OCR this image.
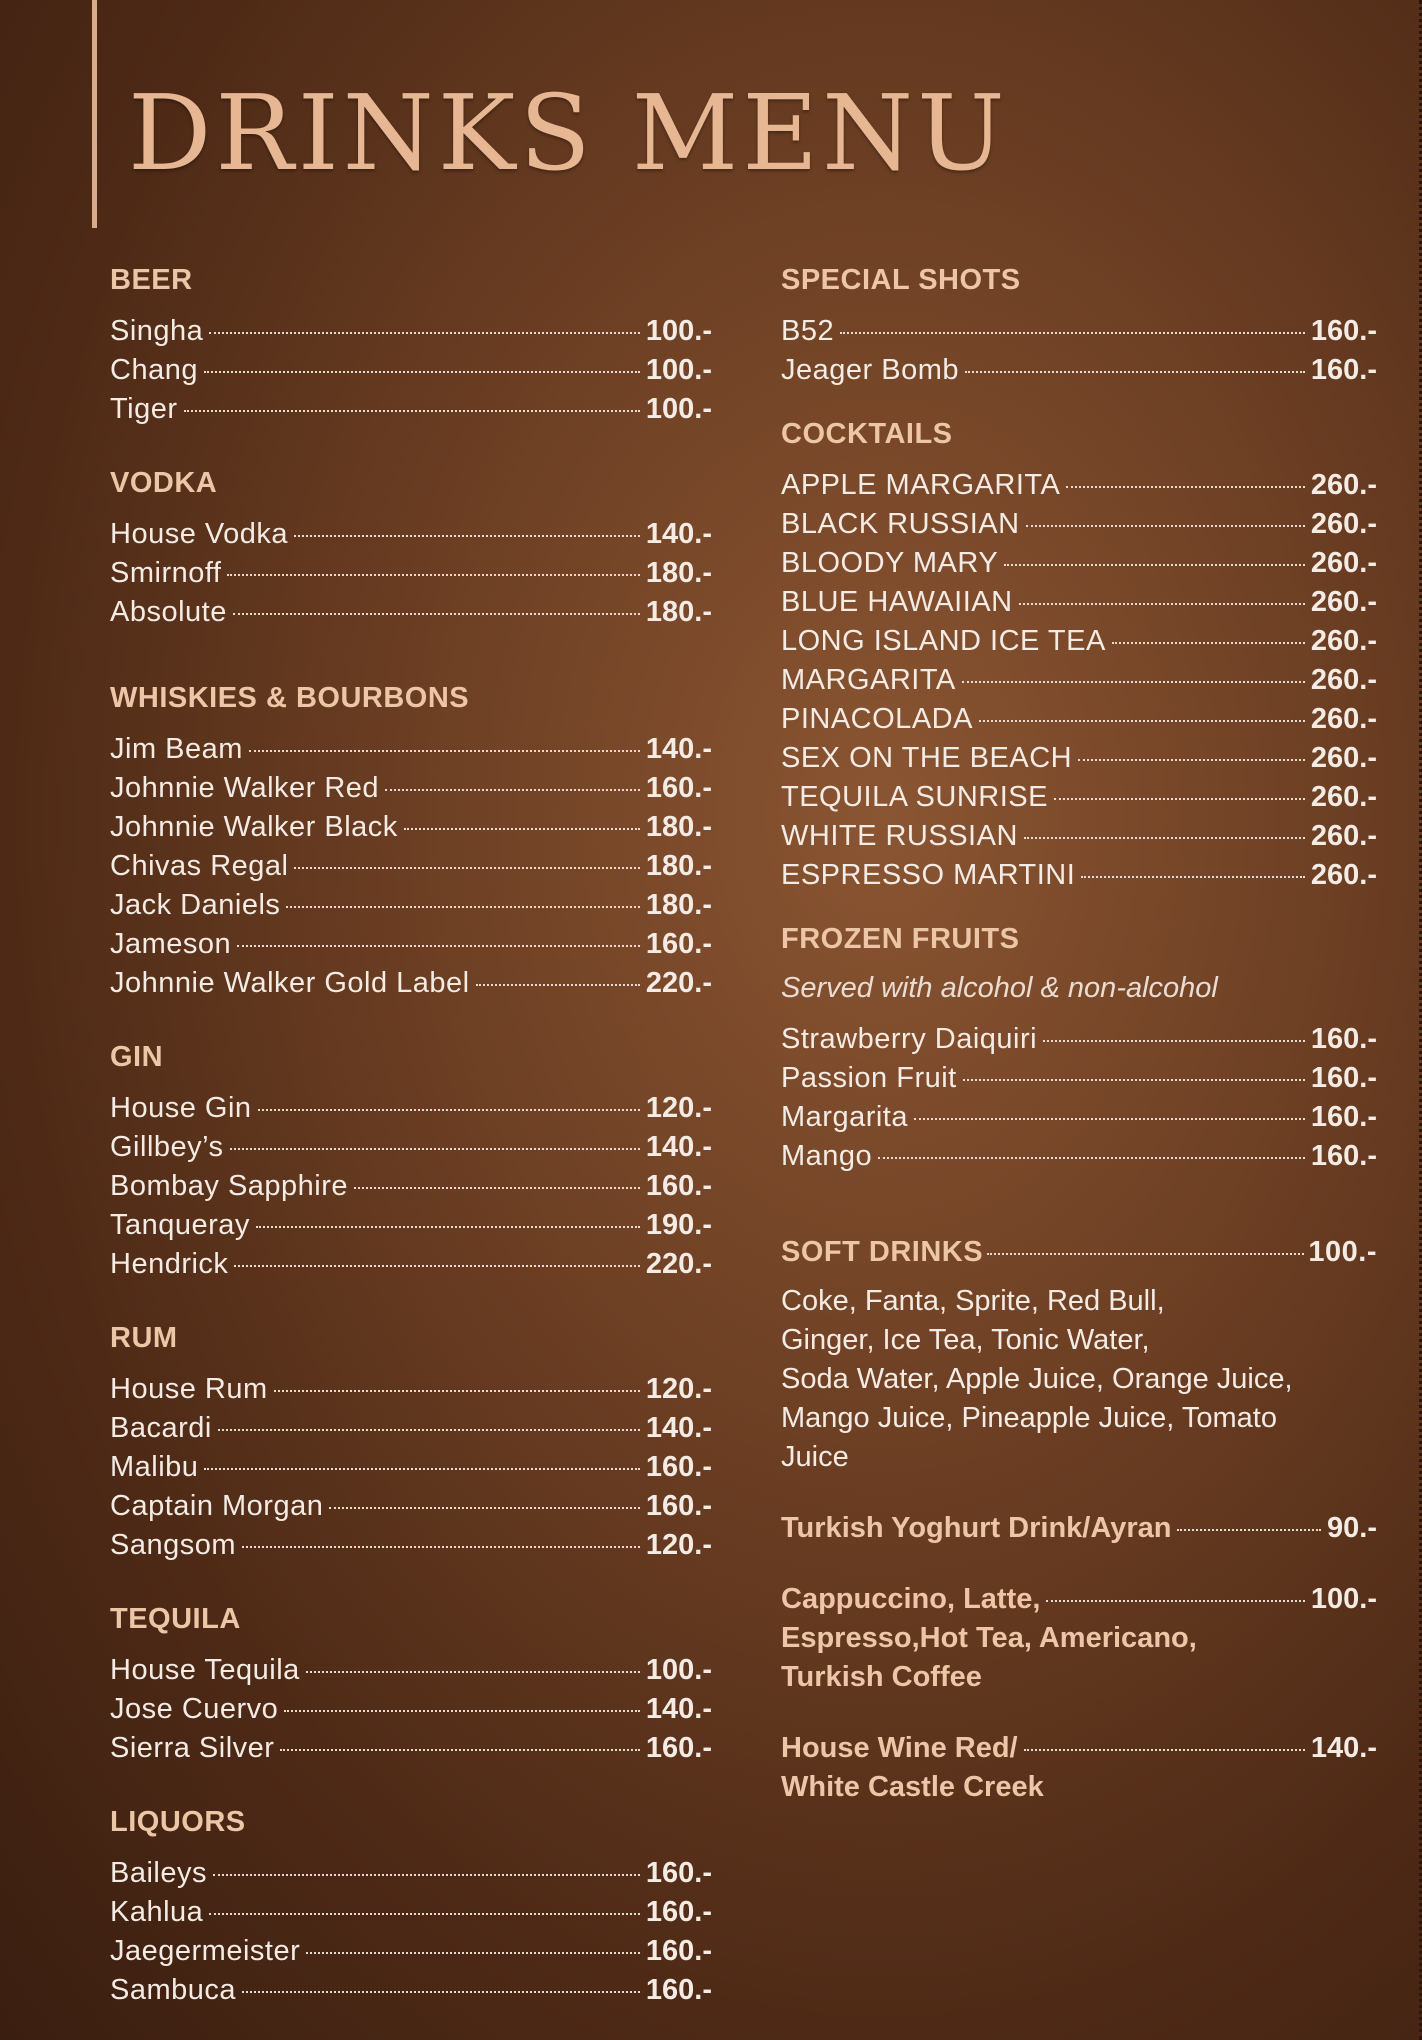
DRINKS MENU
BEER
Singha	100.-
Chang	100.-
Tiger	100.-
VODKA
House Vodka	140.-
Smirnoff	180.-
Absolute	180.-
WHISKIES & BOURBONS
Jim Beam	140.-
Johnnie Walker Red	160.-
Johnnie Walker Black	180.-
Chivas Regal	180.-
Jack Daniels	180.-
Jameson	160.-
Johnnie Walker Gold Label	220.-
GIN
House Gin	120.-
Gillbey’s	140.-
Bombay Sapphire	160.-
Tanqueray	190.-
Hendrick	220.-
RUM
House Rum	120.-
Bacardi	140.-
Malibu	160.-
Captain Morgan	160.-
Sangsom	120.-
TEQUILA
House Tequila	100.-
Jose Cuervo	140.-
Sierra Silver	160.-
LIQUORS
Baileys	160.-
Kahlua	160.-
Jaegermeister	160.-
Sambuca	160.-
SPECIAL SHOTS
B52	160.-
Jeager Bomb	160.-
COCKTAILS
APPLE MARGARITA	260.-
BLACK RUSSIAN	260.-
BLOODY MARY	260.-
BLUE HAWAIIAN	260.-
LONG ISLAND ICE TEA	260.-
MARGARITA	260.-
PINACOLADA	260.-
SEX ON THE BEACH	260.-
TEQUILA SUNRISE	260.-
WHITE RUSSIAN	260.-
ESPRESSO MARTINI	260.-
FROZEN FRUITS
Served with alcohol & non-alcohol
Strawberry Daiquiri	160.-
Passion Fruit	160.-
Margarita	160.-
Mango	160.-
SOFT DRINKS	100.-
Coke, Fanta, Sprite, Red Bull,
Ginger, Ice Tea, Tonic Water,
Soda Water, Apple Juice, Orange Juice,
Mango Juice, Pineapple Juice, Tomato
Juice
Turkish Yoghurt Drink/Ayran	90.-
Cappuccino, Latte,	100.-
Espresso,Hot Tea, Americano,
Turkish Coffee
House Wine Red/	140.-
White Castle Creek
